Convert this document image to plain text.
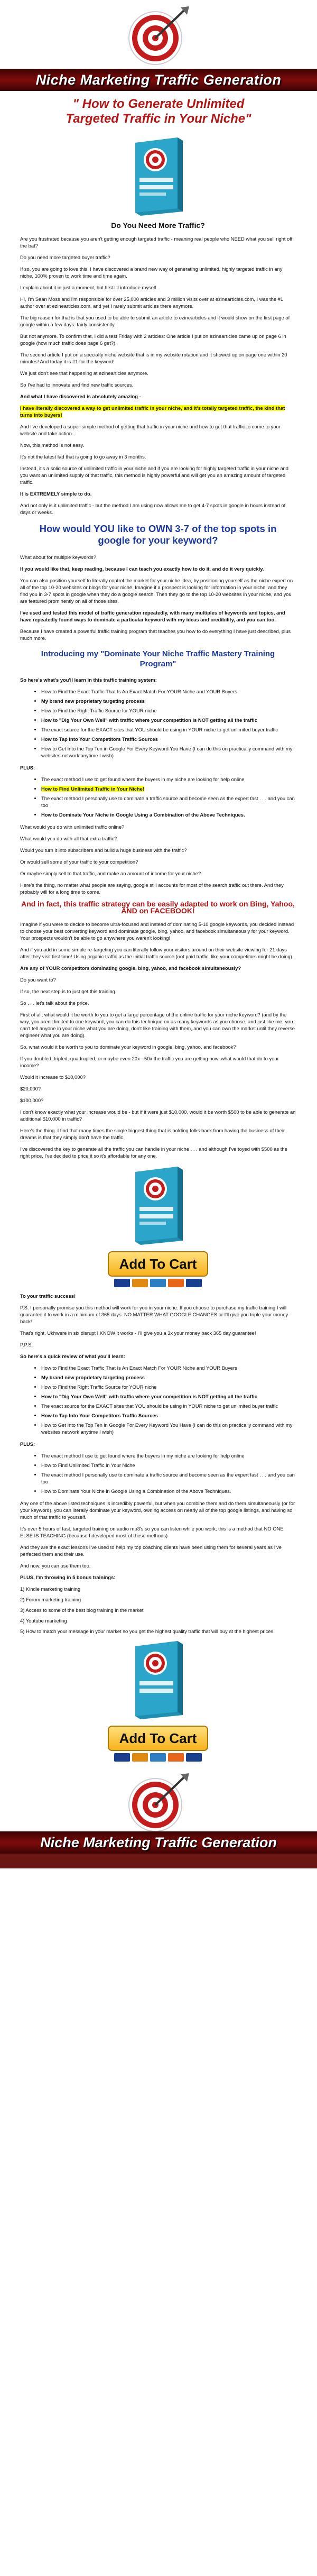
Niche Marketing Traffic Generation
" How to Generate Unlimited
Targeted Traffic in Your Niche"
Do You Need More Traffic?
Are you frustrated because you aren't getting enough targeted traffic - meaning real people who NEED what you sell right off the bat?
Do you need more targeted buyer traffic?
If so, you are going to love this. I have discovered a brand new way of generating unlimited, highly targeted traffic in any niche, 100% proven to work time and time again.
I explain about it in just a moment, but first I'll introduce myself.
Hi, I'm Sean Moss and I'm responsible for over 25,000 articles and 3 million visits over at ezinearticles.com, I was the #1 author over at ezinearticles.com, and yet I rarely submit articles there anymore.
The big reason for that is that you used to be able to submit an article to ezinearticles and it would show on the first page of google within a few days. fairly consistently.
But not anymore. To confirm that, I did a test Friday with 2 articles: One article I put on ezinearticles came up on page 6 in google (how much traffic does page 6 get?).
The second article I put on a specialty niche website that is in my website rotation and it showed up on page one within 20 minutes! And today it is #1 for the keyword!
We just don't see that happening at ezinearticles anymore.
So I've had to innovate and find new traffic sources.
And what I have discovered is absolutely amazing -
I have literally discovered a way to get unlimited traffic in your niche, and it's totally targeted traffic, the kind that turns into buyers!
And I've developed a super-simple method of getting that traffic in your niche and how to get that traffic to come to your website and take action.
Now, this method is not easy.
It's not the latest fad that is going to go away in 3 months.
Instead, it's a solid source of unlimited traffic in your niche and if you are looking for highly targeted traffic in your niche and you want an unlimited supply of that traffic, this method is highly powerful and will get you an amazing amount of targeted traffic.
It is EXTREMELY simple to do.
And not only is it unlimited traffic - but the method I am using now allows me to get 4-7 spots in google in hours instead of days or weeks.
How would YOU like to OWN 3-7 of the top spots in google for your keyword?
What about for multiple keywords?
If you would like that, keep reading, because I can teach you exactly how to do it, and do it very quickly.
You can also position yourself to literally control the market for your niche idea, by positioning yourself as the niche expert on all of the top 10-20 websites or blogs for your niche. Imagine if a prospect is looking for information in your niche, and they find you in 3-7 spots in google when they do a google search. Then they go to the top 10-20 websites in your niche, and you are featured prominently on all of those sites.
I've used and tested this model of traffic generation repeatedly, with many multiples of keywords and topics, and have repeatedly found ways to dominate a particular keyword with my ideas and credibility, and you can too.
Because I have created a powerful traffic training program that teaches you how to do everything I have just described, plus much more.
Introducing my "Dominate Your Niche Traffic Mastery Training Program"
So here's what's you'll learn in this traffic training system:
• How to Find the Exact Traffic That Is An Exact Match For YOUR Niche and YOUR Buyers
• My brand new proprietary targeting process
• How to Find the Right Traffic Source for YOUR niche
• How to "Dig Your Own Well" with traffic where your competition is NOT getting all the traffic
• The exact source for the EXACT sites that YOU should be using in YOUR niche to get unlimited buyer traffic
• How to Tap Into Your Competitors Traffic Sources
• How to Get Into the Top Ten in Google For Every Keyword You Have (I can do this on practically command with my websites network anytime I wish)
PLUS:
• The exact method I use to get found where the buyers in my niche are looking for help online
• How to Find Unlimited Traffic in Your Niche!
• The exact method I personally use to dominate a traffic source and become seen as the expert fast . . . and you can too
• How to Dominate Your Niche in Google Using a Combination of the Above Techniques.
What would you do with unlimited traffic online?
What would you do with all that extra traffic?
Would you turn it into subscribers and build a huge business with the traffic?
Or would sell some of your traffic to your competition?
Or maybe simply sell to that traffic, and make an amount of income for your niche?
Here's the thing, no matter what people are saying, google still accounts for most of the search traffic out there. And they probably will for a long time to come.
And in fact, this traffic strategy can be easily adapted to work on Bing, Yahoo, AND on FACEBOOK!
Imagine if you were to decide to become ultra-focused and instead of dominating 5-10 google keywords, you decided instead to choose your best converting keyword and dominate google, bing, yahoo, and facebook simultaneously for your keyword. Your prospects wouldn't be able to go anywhere you weren't looking!
And if you add in some simple re-targeting you can literally follow your visitors around on their website viewing for 21 days after they visit first time! Using organic traffic as the initial traffic source (not paid traffic, like your competitors might be doing).
Are any of YOUR competitors dominating google, bing, yahoo, and facebook simultaneously?
Do you want to?
If so, the next step is to just get this training.
So . . . let's talk about the price.
First of all, what would it be worth to you to get a large percentage of the online traffic for your niche keyword? (and by the way, you aren't limited to one keyword, you can do this technique on as many keywords as you choose, and just like me, you can't tell anyone in your niche what you are doing, don't like training with them, and you can own the market until they reverse engineer what you are doing).
So, what would it be worth to you to dominate your keyword in google, bing, yahoo, and facebook?
If you doubled, tripled, quadrupled, or maybe even 20x - 50x the traffic you are getting now, what would that do to your income?
Would it increase to $10,000?
$20,000?
$100,000?
I don't know exactly what your increase would be - but if it were just $10,000, would it be worth $500 to be able to generate an additional $10,000 in traffic?
Here's the thing. I find that many times the single biggest thing that is holding folks back from having the business of their dreams is that they simply don't have the traffic.
I've discovered the key to generate all the traffic you can handle in your niche . . . and although I've toyed with $500 as the right price, I've decided to price it so it's affordable for any one.
Add To Cart
To your traffic success!
P.S. I personally promise you this method will work for you in your niche. If you choose to purchase my traffic training I will guarantee it to work in a minimum of 365 days. NO MATTER WHAT GOOGLE CHANGES or I'll give you triple your money back!
That's right. Ukhwere in six disrupt I KNOW it works - I'll give you a 3x your money back 365 day guarantee!
P.P.S.
So here's a quick review of what you'll learn:
• How to Find the Exact Traffic That Is An Exact Match For YOUR Niche and YOUR Buyers
• My brand new proprietary targeting process
• How to Find the Right Traffic Source for YOUR niche
• How to "Dig Your Own Well" with traffic where your competition is NOT getting all the traffic
• The exact source for the EXACT sites that YOU should be using in YOUR niche to get unlimited buyer traffic
• How to Tap Into Your Competitors Traffic Sources
• How to Get Into the Top Ten in Google For Every Keyword You Have (I can do this on practically command with my websites network anytime I wish)
PLUS:
• The exact method I use to get found where the buyers in my niche are looking for help online
• How to Find Unlimited Traffic in Your Niche
• The exact method I personally use to dominate a traffic source and become seen as the expert fast . . . and you can too
• How to Dominate Your Niche in Google Using a Combination of the Above Techniques.
Any one of the above listed techniques is incredibly powerful, but when you combine them and do them simultaneously (or for your keyword), you can literally dominate your keyword, owning access on nearly all of the top google listings, and having so much of that traffic to yourself.
It's over 5 hours of fast, targeted training on audio mp3's so you can listen while you work; this is a method that NO ONE ELSE IS TEACHING (because I developed most of these methods)
And they are the exact lessons I've used to help my top coaching clients have been using them for several years as I've perfected them and their use.
And now, you can use them too.
PLUS, I'm throwing in 5 bonus trainings:
1) Kindle marketing training
2) Forum marketing training
3) Access to some of the best blog training in the market
4) Youtube marketing
5) How to match your message in your market so you get the highest quality traffic that will buy at the highest prices.
Add To Cart
Niche Marketing Traffic Generation
